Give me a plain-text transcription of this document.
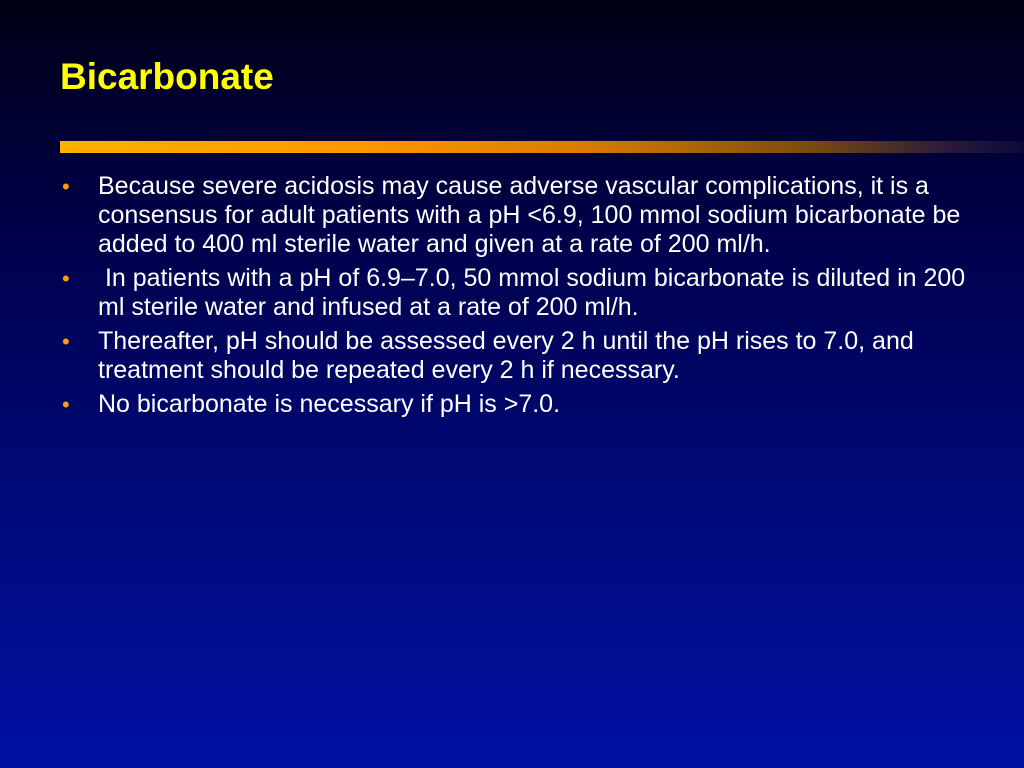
Bicarbonate
• Because severe acidosis may cause adverse vascular complications, it is a consensus for adult patients with a pH <6.9, 100 mmol sodium bicarbonate be added to 400 ml sterile water and given at a rate of 200 ml/h.
• In patients with a pH of 6.9–7.0, 50 mmol sodium bicarbonate is diluted in 200 ml sterile water and infused at a rate of 200 ml/h.
• Thereafter, pH should be assessed every 2 h until the pH rises to 7.0, and treatment should be repeated every 2 h if necessary.
• No bicarbonate is necessary if pH is >7.0.
